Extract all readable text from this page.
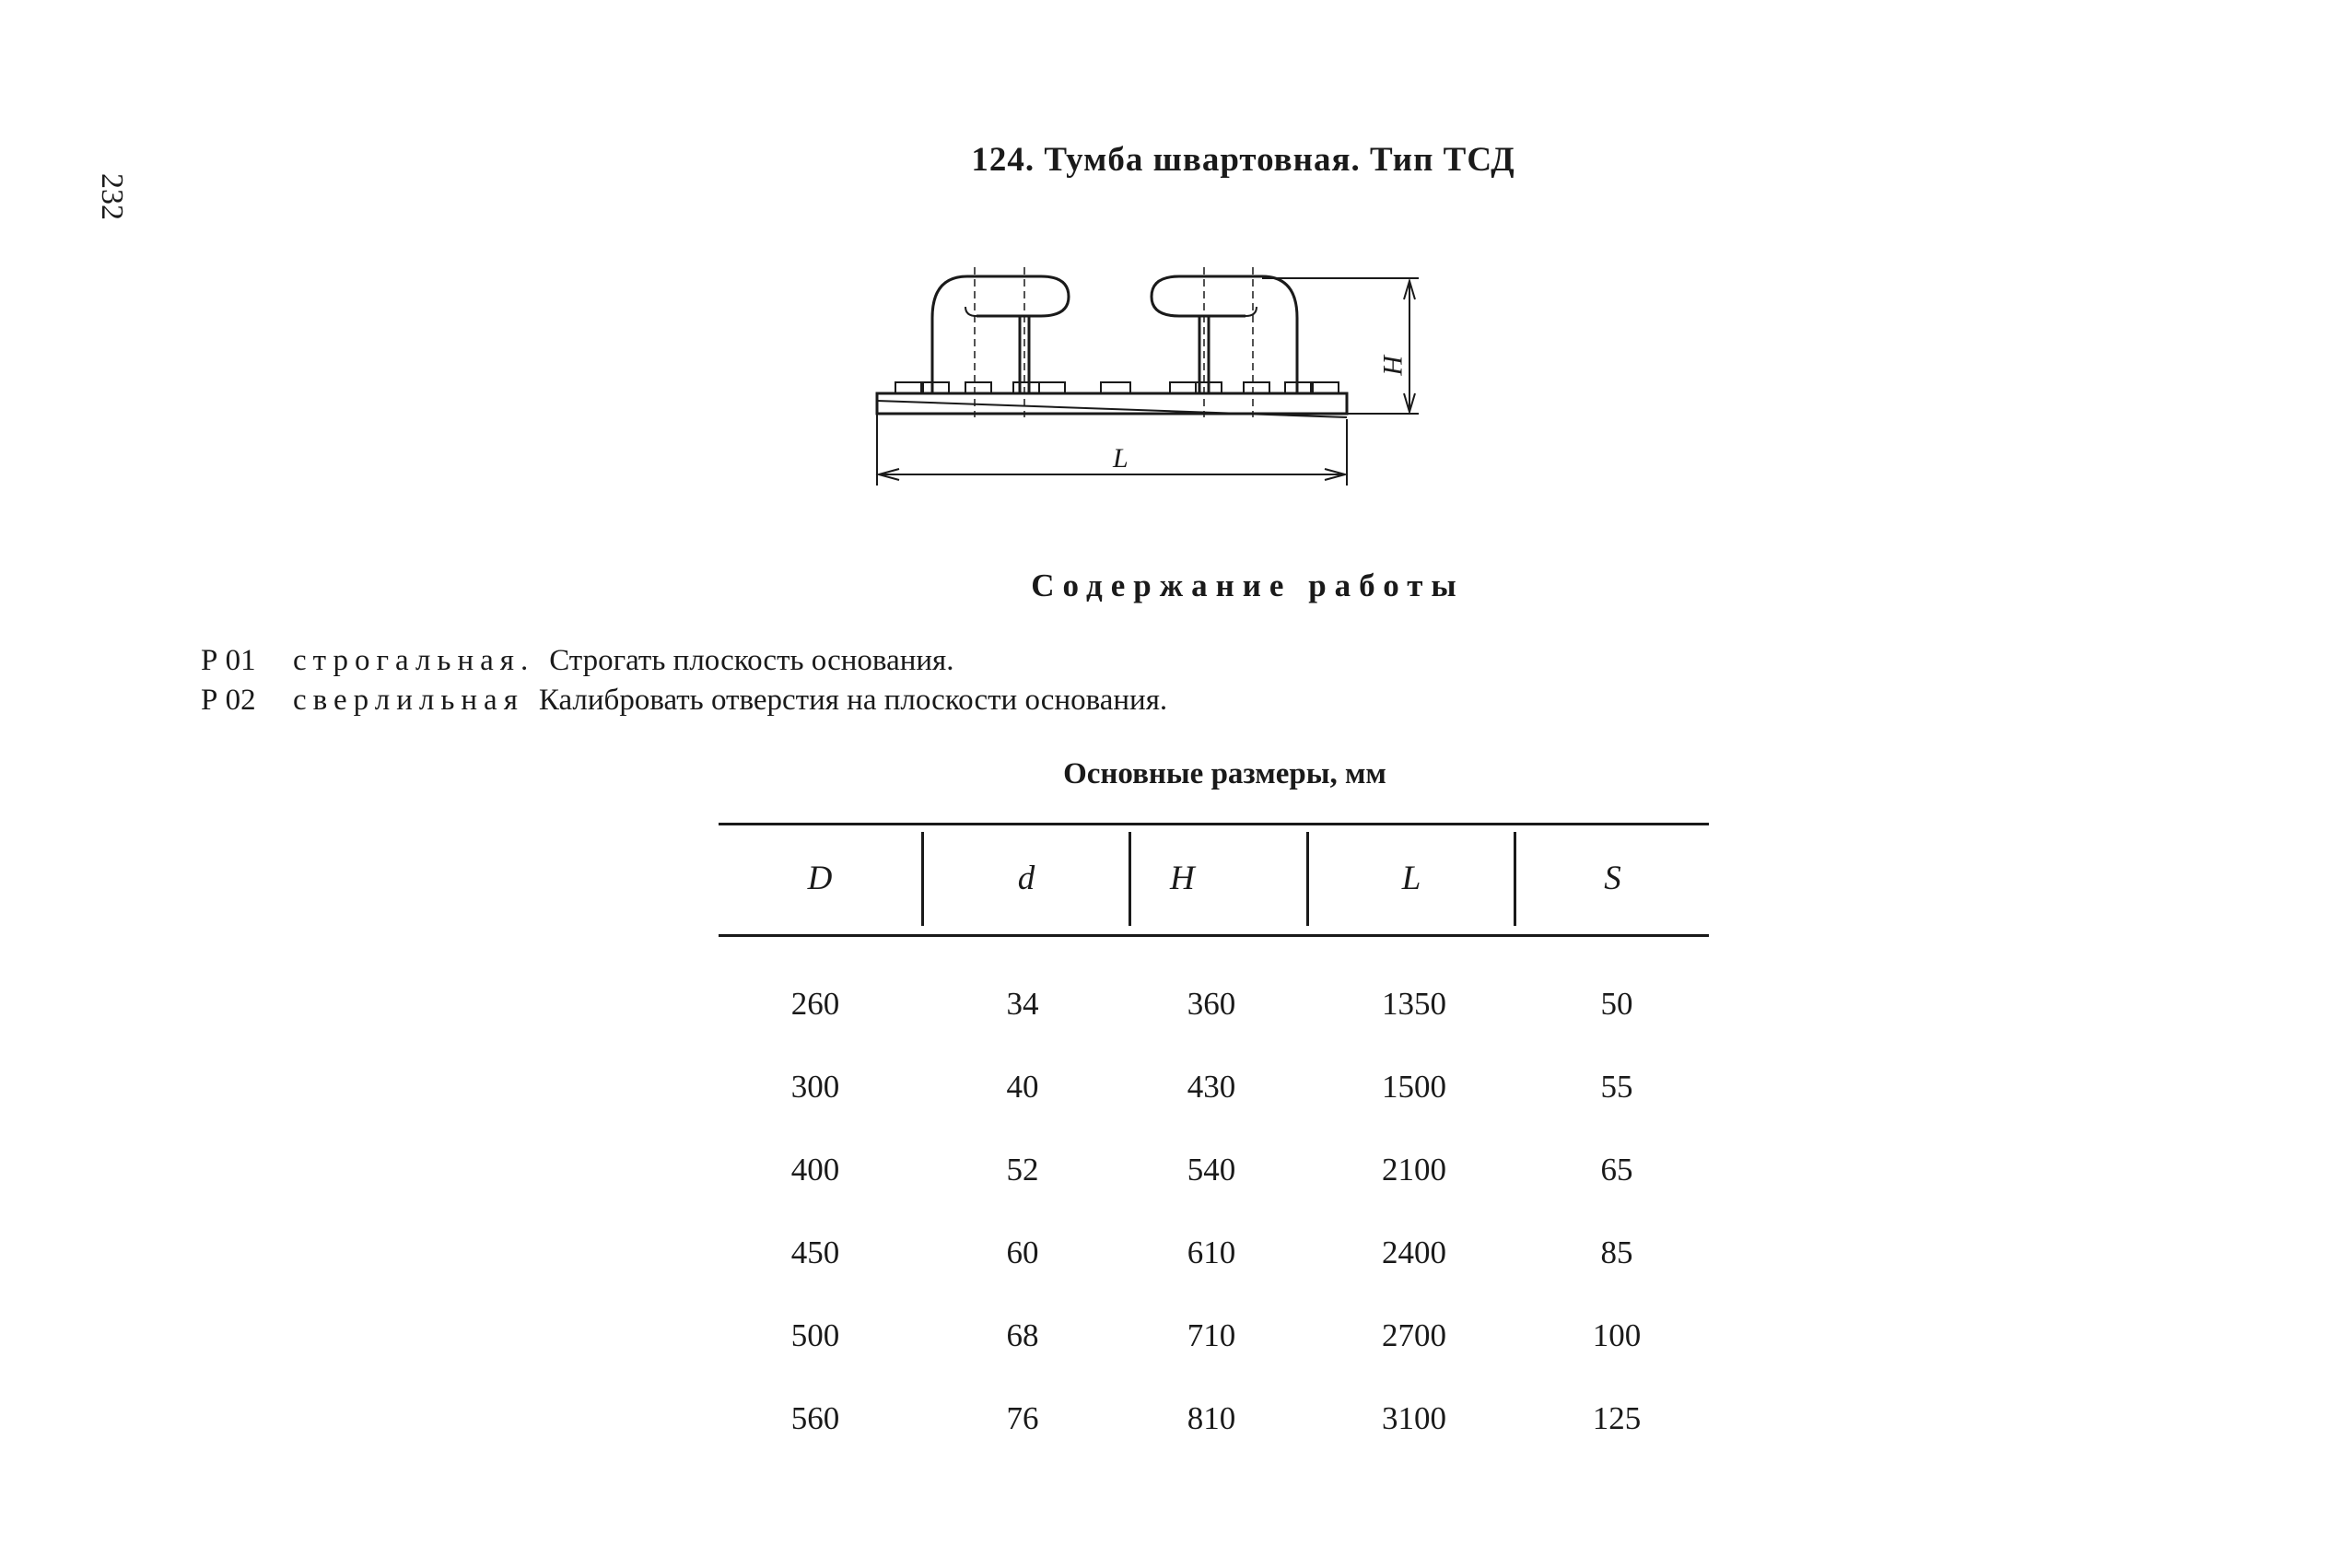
232
124. Тумба швартовная. Тип ТСД
H
L
Содержание работы
Р 01 строгальная. Строгать плоскость основания.
Р 02 сверлильная Калибровать отверстия на плоскости основания.
Основные размеры, мм
D	d	H	L	S
260	34	360	1350	50
300	40	430	1500	55
400	52	540	2100	65
450	60	610	2400	85
500	68	710	2700	100
560	76	810	3100	125
